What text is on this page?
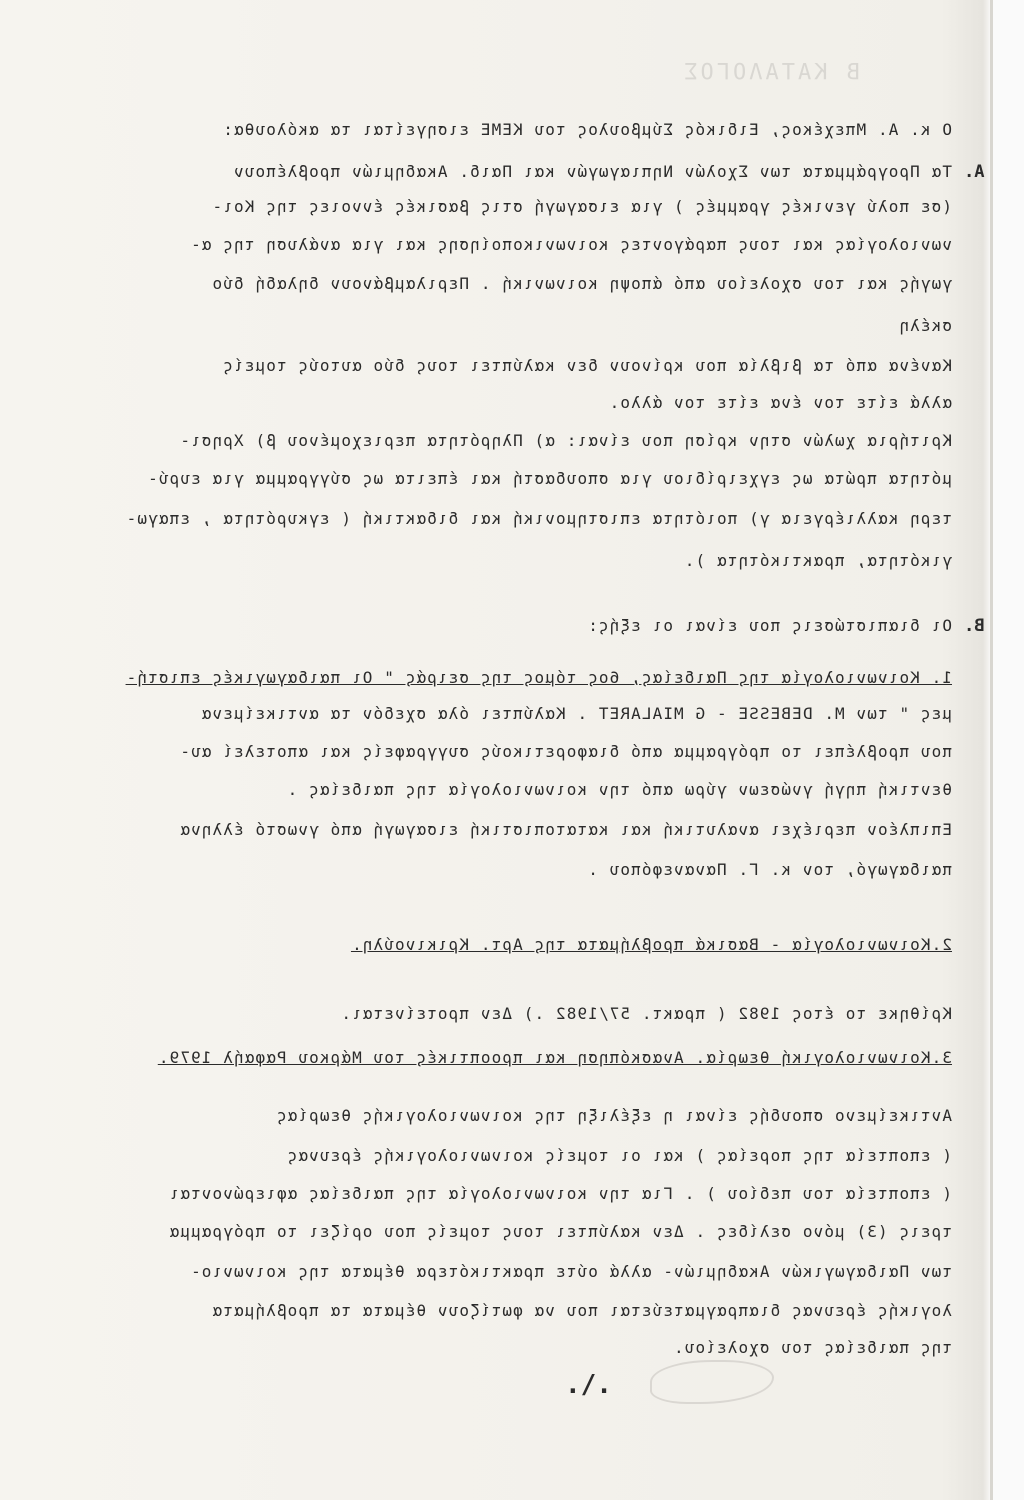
Β ΚΑΤΑΛΟΓΟΣ
Ο κ. Α. Μπεχέκος, Ειδικός Σύμβουλος του ΚΕΜΕ εισηγείται τα ακόλουθα:
Α.
Τα Προγράμματα των Σχολών Νηπιαγωγών και Παιδ. Ακαδημιών προβλέπουν
(σε πολύ γενικές γραμμές ) για εισαγωγή στις βασικές έννοιες της Κοι-
νωνιολογίας και τους παράγοντες κοινωνικοποίησης και για ανάλυση της α-
γωγής και του σχολείου από άποψη κοινωνική . Περιλαμβάνουν δηλαδή δύο
σκέλη
Κανένα από τα βιβλία που κρίνουν δεν καλύπτει τους δύο αυτούς τομείς
αλλά είτε τον ένα είτε τον άλλο.
Κριτήρια χωλών στην κρίση που είναι: α) Πληρότητα περιεχομένου β) Χρησι-
μότητα πρώτα ως εγχειρίδιου για σπουδαστή και έπειτα ως σύγγραμμα για ευρύ-
τερη καλλιέργεια γ) ποιότητα επιστημονική και διδακτική ( εγκυρότητα , επαγω-
γικότητα, πρακτικότητα ).
Β.
Οι διαπιστώσεις που είναι οι εξής:
1. Κοινωνιολογία της Παιδείας, 6ος τόμος της σειράς " Οι παιδαγωγικές επιστή-
μες " των M. DEBESSE - G MIALARET . Καλύπτει όλα σχεδόν τα αντικείμενα
που προβλέπει το πρόγραμμα από διαφορετικούς συγγραφείς και αποτελεί αυ-
θεντική πηγή γνώσεων γύρω από την κοινωνιολογία της παιδείας .
Επιπλέον περιέχει αναλυτική και κατατοπιστική εισαγωγή από γνωστό έλληνα
παιδαγωγό, τον κ. Γ. Πανανεφόπου .
2.Κοινωνιολογία - Βασικά προβλήματα της Αρτ. Κρικινούλη.
Κρίθηκε το έτος 1982 ( πρακτ. 57/1982 .) Δεν προτείνεται.
3.Κοινωνιολογική θεωρία. Ανασκόπηση και προοπτικές του Μάρκου Ραφαήλ 1979.
Αντικείμενο σπουδής είναι η εξέλιξη της κοινωνιολογικής θεωρίας
( εποπτεία της πορείας ) και οι τομείς κοινωνιολογικής έρευνας
( εποπτεία του πεδίου ) . Για την κοινωνιολογία της παιδείας αφιερώνονται
τρεις (3) μόνο σελίδες . Δεν καλύπτει τους τομείς που ορίζει το πρόγραμμα
των Παιδαγωγικών Ακαδημιών- αλλά ούτε πρακτικότερα θέματα της κοινωνιο-
λογικής έρευνας διαπραγματεύεται που να φωτίζουν θέματα τα προβλήματα
της παιδείας του σχολείου.
./.
